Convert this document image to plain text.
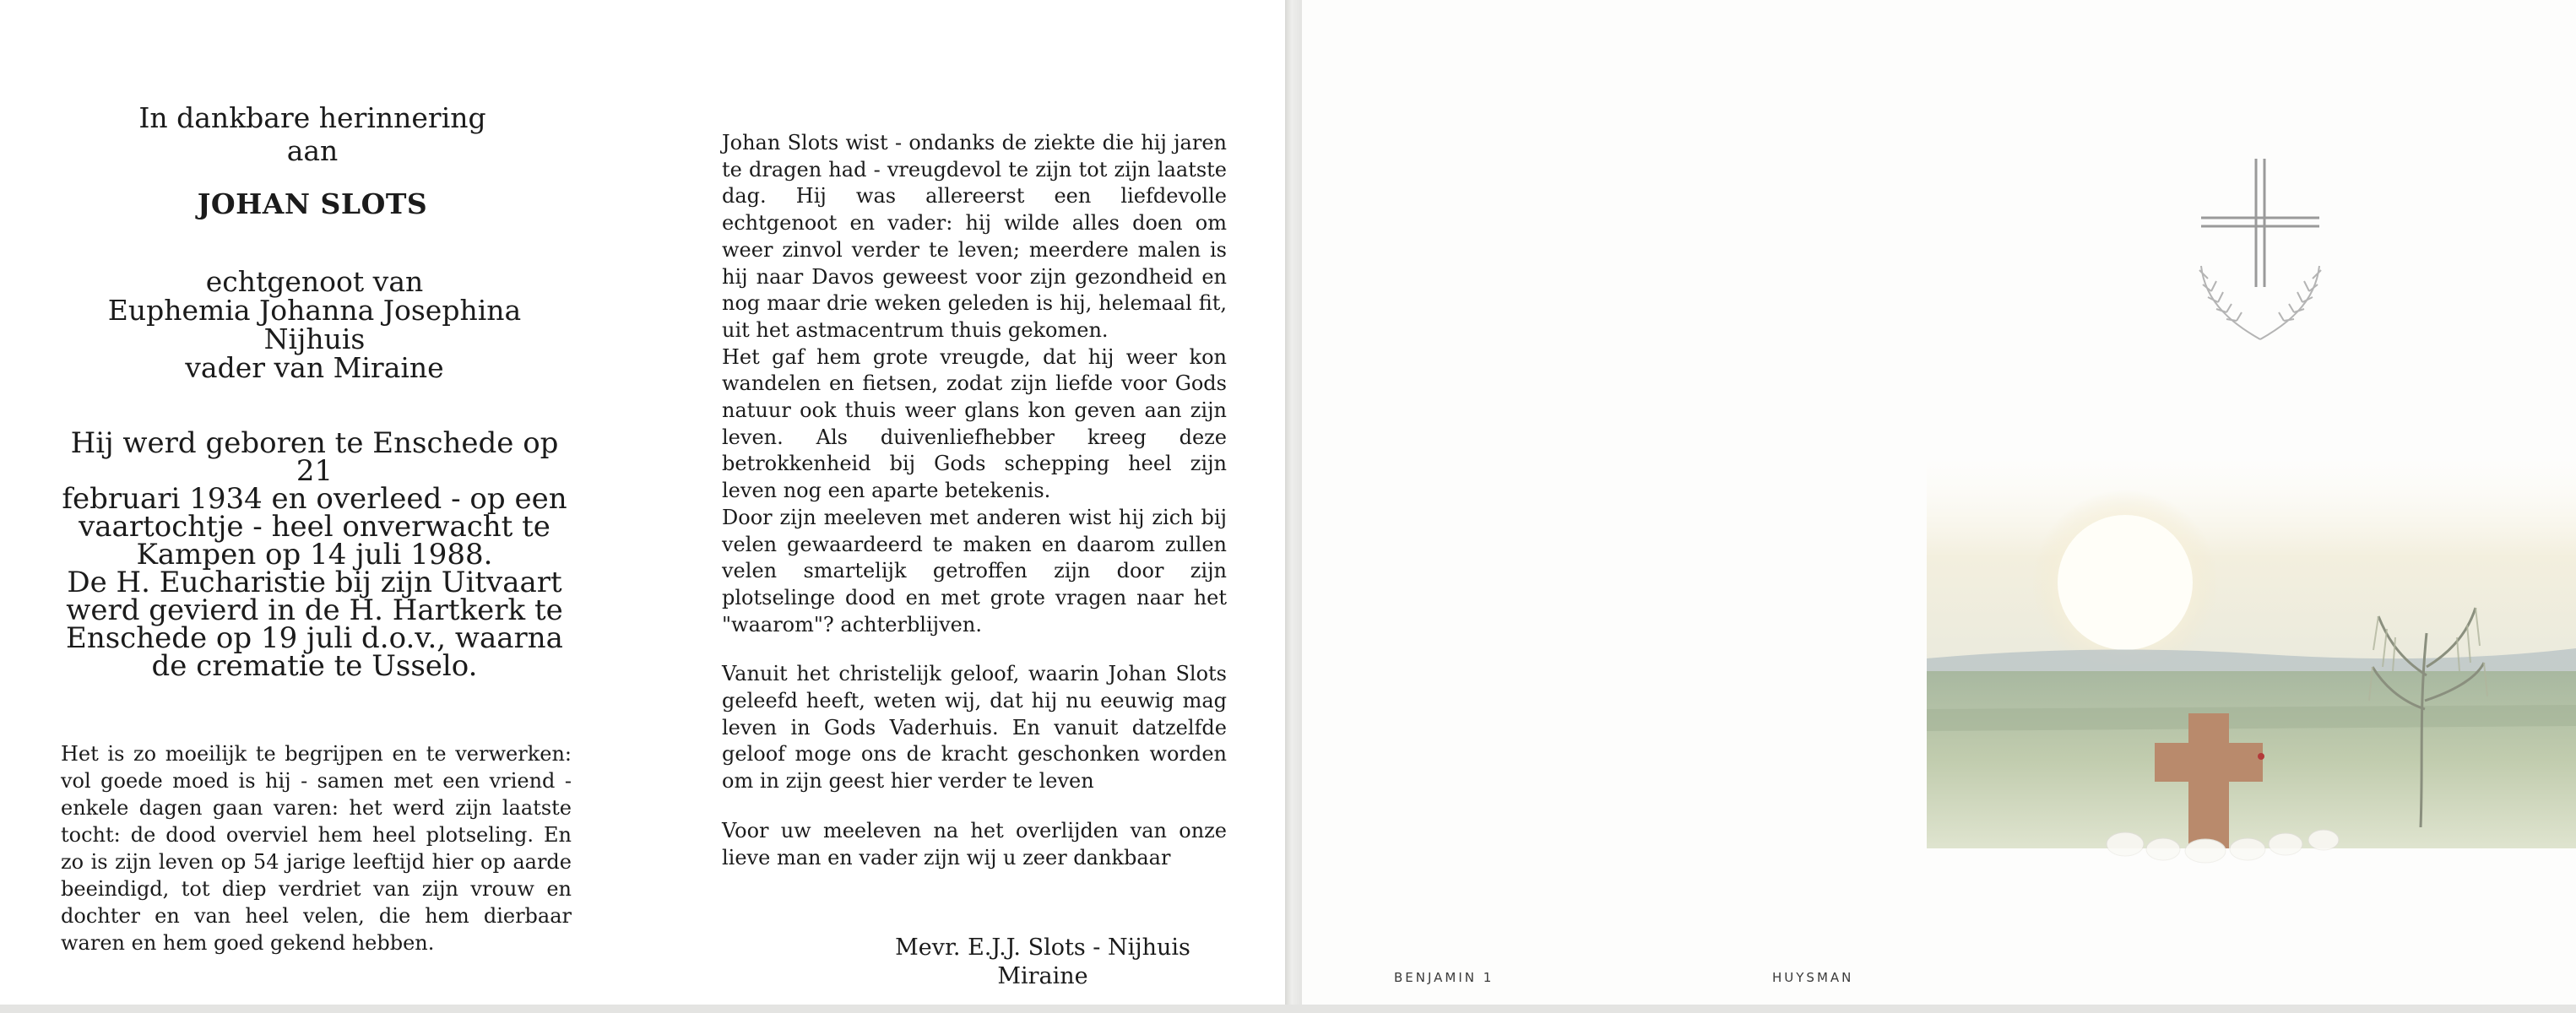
In dankbare herinnering aan
JOHAN SLOTS
echtgenoot van
Euphemia Johanna Josephina
Nijhuis
vader van Miraine
Hij werd geboren te Enschede op 21
februari 1934 en overleed - op een
vaartochtje - heel onverwacht te
Kampen op 14 juli 1988.
De H. Eucharistie bij zijn Uitvaart
werd gevierd in de H. Hartkerk te
Enschede op 19 juli d.o.v., waarna
de crematie te Usselo.
Het is zo moeilijk te begrijpen en te verwerken: vol goede moed is hij - samen met een vriend - enkele dagen gaan varen: het werd zijn laatste tocht: de dood overviel hem heel plotseling. En zo is zijn leven op 54 jarige leeftijd hier op aarde beeindigd, tot diep verdriet van zijn vrouw en dochter en van heel velen, die hem dierbaar waren en hem goed gekend hebben.

Johan Slots wist - ondanks de ziekte die hij jaren te dragen had - vreugdevol te zijn tot zijn laatste dag. Hij was allereerst een liefdevolle echtgenoot en vader: hij wilde alles doen om weer zinvol verder te leven; meerdere malen is hij naar Davos geweest voor zijn gezondheid en nog maar drie weken geleden is hij, helemaal fit, uit het astmacentrum thuis gekomen.

Het gaf hem grote vreugde, dat hij weer kon wandelen en fietsen, zodat zijn liefde voor Gods natuur ook thuis weer glans kon geven aan zijn leven. Als duivenliefhebber kreeg deze betrokkenheid bij Gods schepping heel zijn leven nog een aparte betekenis.

Door zijn meeleven met anderen wist hij zich bij velen gewaardeerd te maken en daarom zullen velen smartelijk getroffen zijn door zijn plotselinge dood en met grote vragen naar het "waarom"? achterblijven.

Vanuit het christelijk geloof, waarin Johan Slots geleefd heeft, weten wij, dat hij nu eeuwig mag leven in Gods Vaderhuis. En vanuit datzelfde geloof moge ons de kracht geschonken worden om in zijn geest hier verder te leven

Voor uw meeleven na het overlijden van onze lieve man en vader zijn wij u zeer dankbaar

Mevr. E.J.J. Slots - Nijhuis
Miraine	BENJAMIN 1	HUYSMAN
